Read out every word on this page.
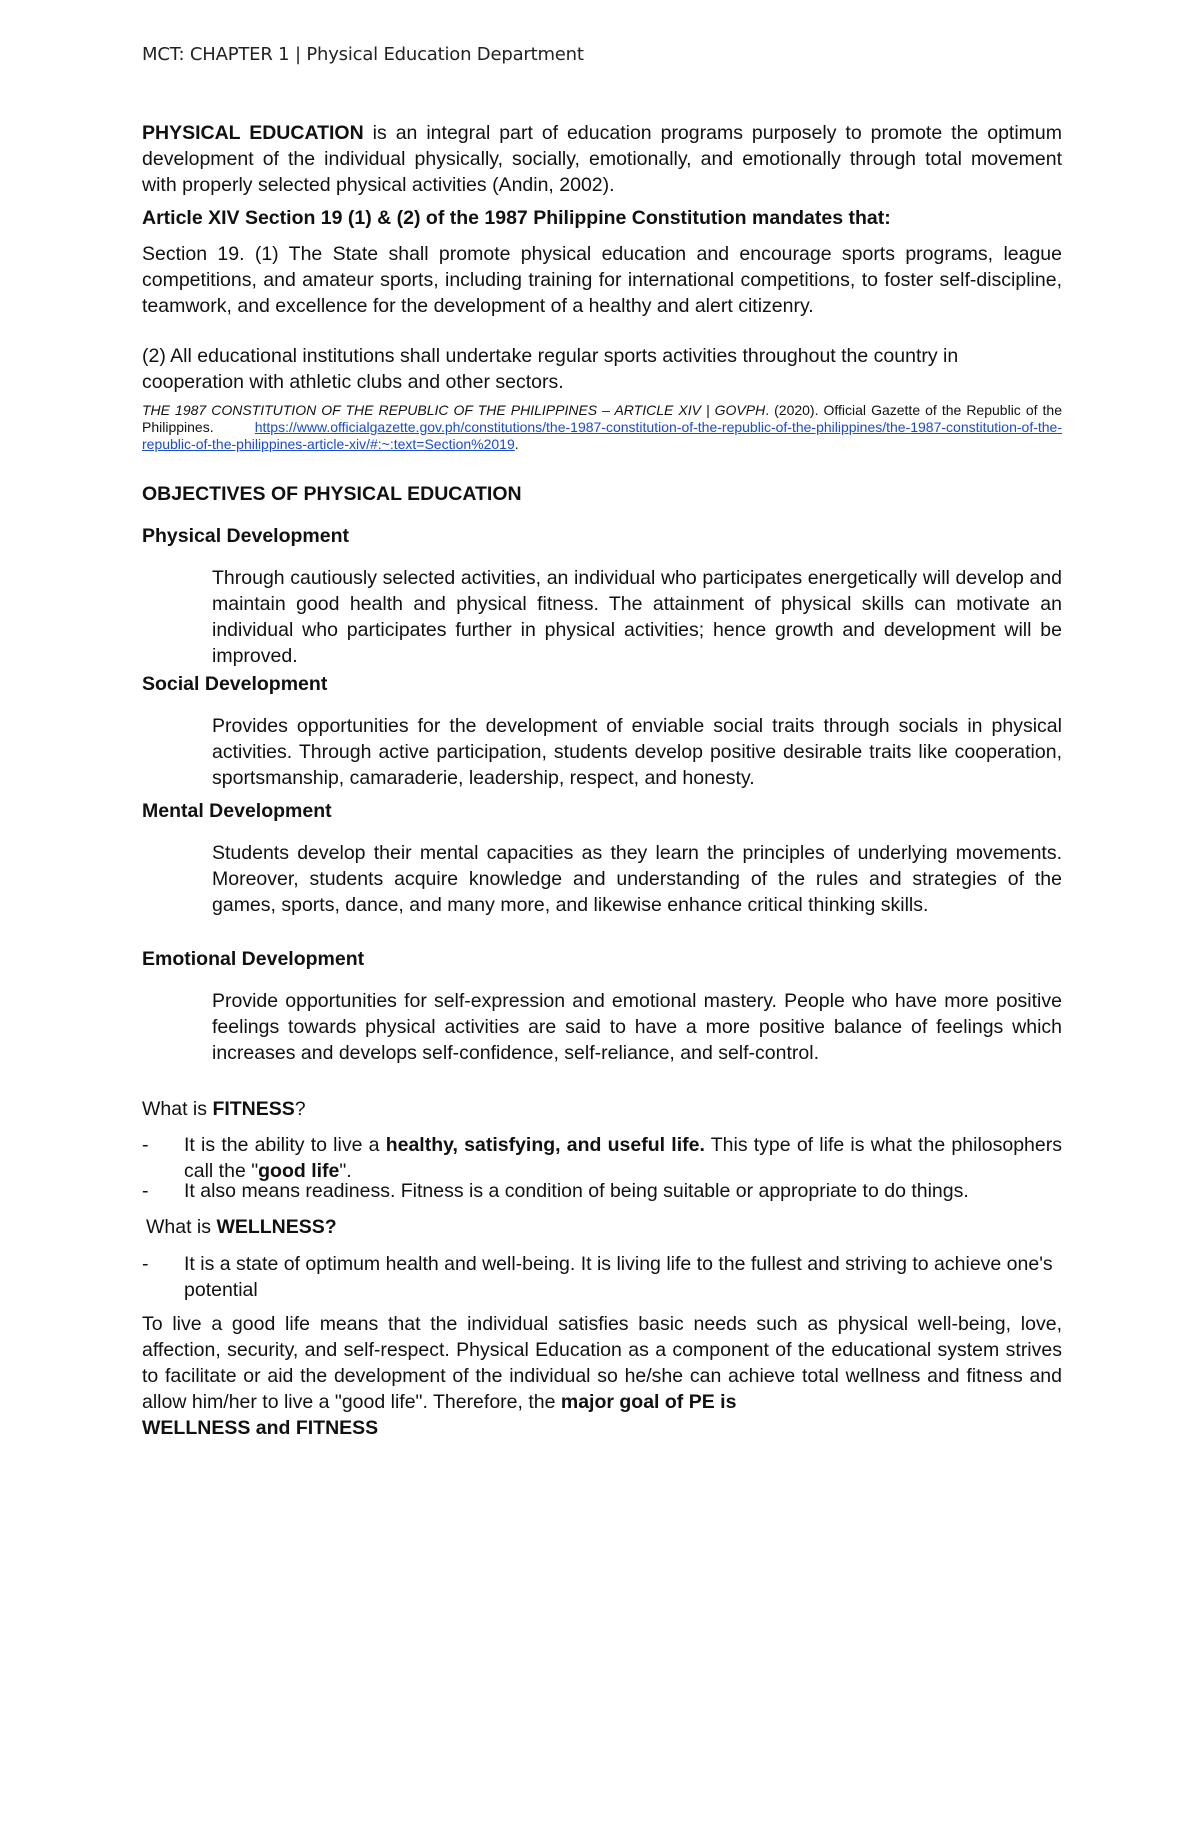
MCT: CHAPTER 1 | Physical Education Department

PHYSICAL EDUCATION is an integral part of education programs purposely to promote the optimum development of the individual physically, socially, emotionally, and emotionally through total movement with properly selected physical activities (Andin, 2002).

Article XIV Section 19 (1) & (2) of the 1987 Philippine Constitution mandates that:

Section 19. (1) The State shall promote physical education and encourage sports programs, league competitions, and amateur sports, including training for international competitions, to foster self-discipline, teamwork, and excellence for the development of a healthy and alert citizenry.

(2) All educational institutions shall undertake regular sports activities throughout the country in cooperation with athletic clubs and other sectors.

THE 1987 CONSTITUTION OF THE REPUBLIC OF THE PHILIPPINES – ARTICLE XIV | GOVPH. (2020). Official Gazette of the Republic of the Philippines. https://www.officialgazette.gov.ph/constitutions/the-1987-constitution-of-the-republic-of-the-philippines/the-1987-constitution-of-the-republic-of-the-philippines-article-xiv/#:~:text=Section%2019.

OBJECTIVES OF PHYSICAL EDUCATION

Physical Development

Through cautiously selected activities, an individual who participates energetically will develop and maintain good health and physical fitness. The attainment of physical skills can motivate an individual who participates further in physical activities; hence growth and development will be improved.

Social Development

Provides opportunities for the development of enviable social traits through socials in physical activities. Through active participation, students develop positive desirable traits like cooperation, sportsmanship, camaraderie, leadership, respect, and honesty.

Mental Development

Students develop their mental capacities as they learn the principles of underlying movements. Moreover, students acquire knowledge and understanding of the rules and strategies of the games, sports, dance, and many more, and likewise enhance critical thinking skills.

Emotional Development

Provide opportunities for self-expression and emotional mastery. People who have more positive feelings towards physical activities are said to have a more positive balance of feelings which increases and develops self-confidence, self-reliance, and self-control.

What is FITNESS?

- It is the ability to live a healthy, satisfying, and useful life. This type of life is what the philosophers call the "good life".

- It also means readiness. Fitness is a condition of being suitable or appropriate to do things.

What is WELLNESS?

- It is a state of optimum health and well-being. It is living life to the fullest and striving to achieve one's potential

To live a good life means that the individual satisfies basic needs such as physical well-being, love, affection, security, and self-respect. Physical Education as a component of the educational system strives to facilitate or aid the development of the individual so he/she can achieve total wellness and fitness and allow him/her to live a "good life". Therefore, the major goal of PE is
WELLNESS and FITNESS
